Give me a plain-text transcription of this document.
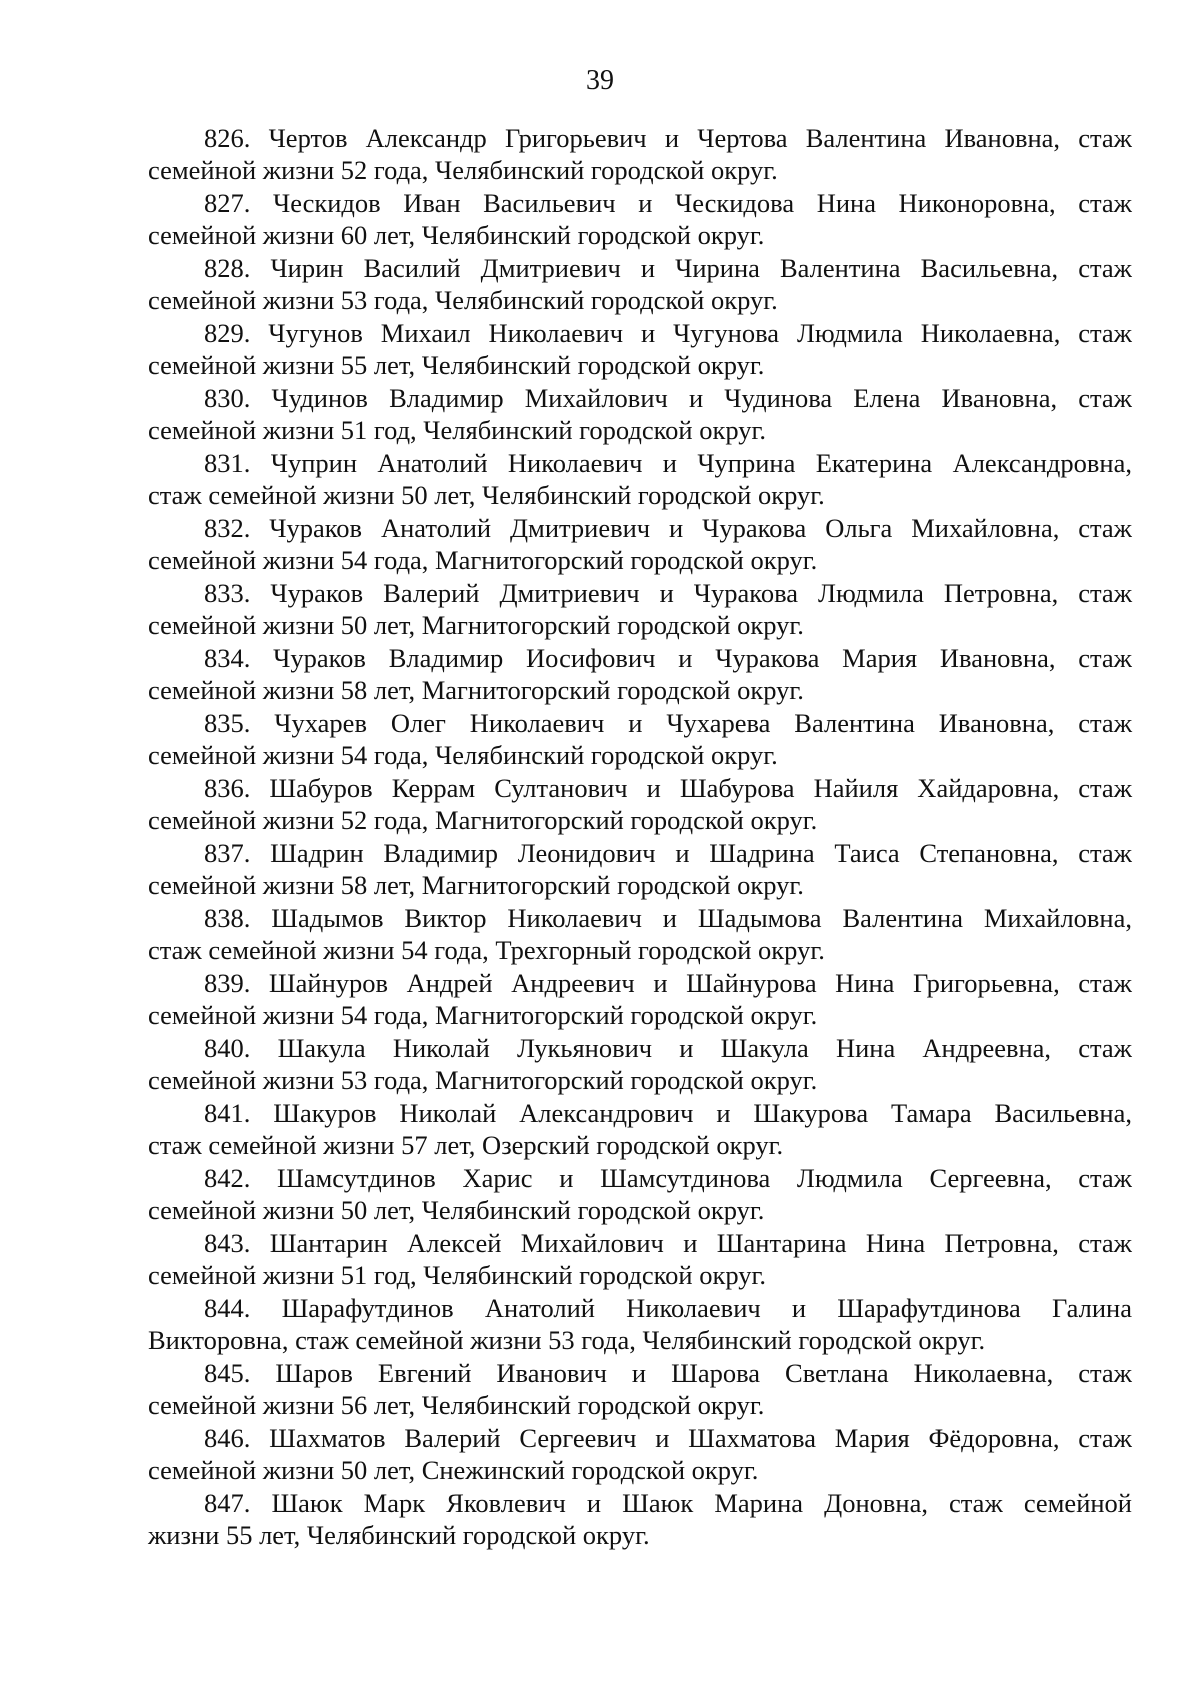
39
826. Чертов Александр Григорьевич и Чертова Валентина Ивановна, стаж
семейной жизни 52 года, Челябинский городской округ.
827. Ческидов Иван Васильевич и Ческидова Нина Никоноровна, стаж
семейной жизни 60 лет, Челябинский городской округ.
828. Чирин Василий Дмитриевич и Чирина Валентина Васильевна, стаж
семейной жизни 53 года, Челябинский городской округ.
829. Чугунов Михаил Николаевич и Чугунова Людмила Николаевна, стаж
семейной жизни 55 лет, Челябинский городской округ.
830. Чудинов Владимир Михайлович и Чудинова Елена Ивановна, стаж
семейной жизни 51 год, Челябинский городской округ.
831. Чуприн Анатолий Николаевич и Чуприна Екатерина Александровна,
стаж семейной жизни 50 лет, Челябинский городской округ.
832. Чураков Анатолий Дмитриевич и Чуракова Ольга Михайловна, стаж
семейной жизни 54 года, Магнитогорский городской округ.
833. Чураков Валерий Дмитриевич и Чуракова Людмила Петровна, стаж
семейной жизни 50 лет, Магнитогорский городской округ.
834. Чураков Владимир Иосифович и Чуракова Мария Ивановна, стаж
семейной жизни 58 лет, Магнитогорский городской округ.
835. Чухарев Олег Николаевич и Чухарева Валентина Ивановна, стаж
семейной жизни 54 года, Челябинский городской округ.
836. Шабуров Керрам Султанович и Шабурова Найиля Хайдаровна, стаж
семейной жизни 52 года, Магнитогорский городской округ.
837. Шадрин Владимир Леонидович и Шадрина Таиса Степановна, стаж
семейной жизни 58 лет, Магнитогорский городской округ.
838. Шадымов Виктор Николаевич и Шадымова Валентина Михайловна,
стаж семейной жизни 54 года, Трехгорный городской округ.
839. Шайнуров Андрей Андреевич и Шайнурова Нина Григорьевна, стаж
семейной жизни 54 года, Магнитогорский городской округ.
840. Шакула Николай Лукьянович и Шакула Нина Андреевна, стаж
семейной жизни 53 года, Магнитогорский городской округ.
841. Шакуров Николай Александрович и Шакурова Тамара Васильевна,
стаж семейной жизни 57 лет, Озерский городской округ.
842. Шамсутдинов Харис и Шамсутдинова Людмила Сергеевна, стаж
семейной жизни 50 лет, Челябинский городской округ.
843. Шантарин Алексей Михайлович и Шантарина Нина Петровна, стаж
семейной жизни 51 год, Челябинский городской округ.
844. Шарафутдинов Анатолий Николаевич и Шарафутдинова Галина
Викторовна, стаж семейной жизни 53 года, Челябинский городской округ.
845. Шаров Евгений Иванович и Шарова Светлана Николаевна, стаж
семейной жизни 56 лет, Челябинский городской округ.
846. Шахматов Валерий Сергеевич и Шахматова Мария Фёдоровна, стаж
семейной жизни 50 лет, Снежинский городской округ.
847. Шаюк Марк Яковлевич и Шаюк Марина Доновна, стаж семейной
жизни 55 лет, Челябинский городской округ.
